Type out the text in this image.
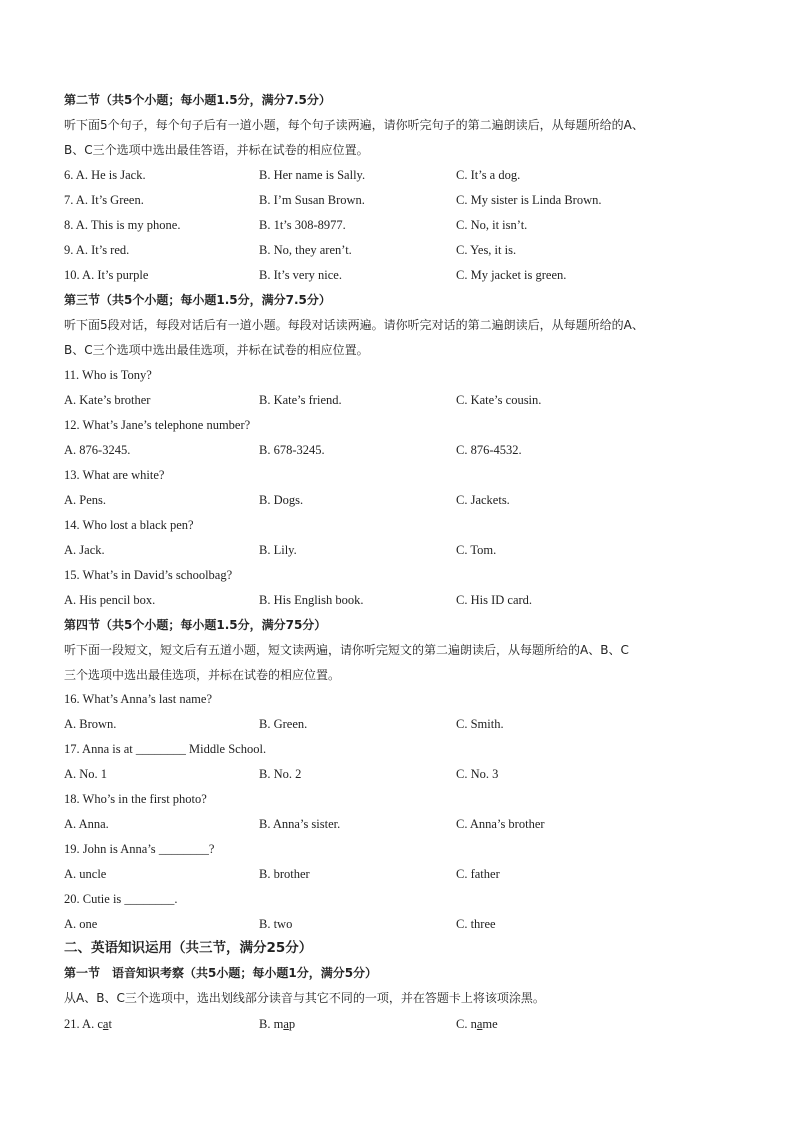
第二节（共5个小题；每小题1.5分，满分7.5分）
听下面5个句子，每个句子后有一道小题，每个句子读两遍，请你听完句子的第二遍朗读后，从每题所给的A、
B、C三个选项中选出最佳答语，并标在试卷的相应位置。
6. A. He is Jack.	B. Her name is Sally.	C. It’s a dog.
7. A. It’s Green.	B. I’m Susan Brown.	C. My sister is Linda Brown.
8. A. This is my phone.	B. 1t’s 308-8977.	C. No, it isn’t.
9. A. It’s red.	B. No, they aren’t.	C. Yes, it is.
10. A. It’s purple	B. It’s very nice.	C. My jacket is green.
第三节（共5个小题；每小题1.5分，满分7.5分）
听下面5段对话，每段对话后有一道小题。每段对话读两遍。请你听完对话的第二遍朗读后，从每题所给的A、
B、C三个选项中选出最佳选项，并标在试卷的相应位置。
11. Who is Tony?
A. Kate’s brother	B. Kate’s friend.	C. Kate’s cousin.
12. What’s Jane’s telephone number?
A. 876-3245.	B. 678-3245.	C. 876-4532.
13. What are white?
A. Pens.	B. Dogs.	C. Jackets.
14. Who lost a black pen?
A. Jack.	B. Lily.	C. Tom.
15. What’s in David’s schoolbag?
A. His pencil box.	B. His English book.	C. His ID card.
第四节（共5个小题；每小题1.5分，满分75分）
听下面一段短文，短文后有五道小题，短文读两遍，请你听完短文的第二遍朗读后，从每题所给的A、B、C
三个选项中选出最佳选项，并标在试卷的相应位置。
16. What’s Anna’s last name?
A. Brown.	B. Green.	C. Smith.
17. Anna is at ________ Middle School.
A. No. 1	B. No. 2	C. No. 3
18. Who’s in the first photo?
A. Anna.	B. Anna’s sister.	C. Anna’s brother
19. John is Anna’s ________?
A. uncle	B. brother	C. father
20. Cutie is ________.
A. one	B. two	C. three
二、英语知识运用（共三节，满分25分）
第一节　语音知识考察（共5小题；每小题1分，满分5分）
从A、B、C三个选项中，选出划线部分读音与其它不同的一项，并在答题卡上将该项涂黑。
21. A. cat	B. map	C. name
